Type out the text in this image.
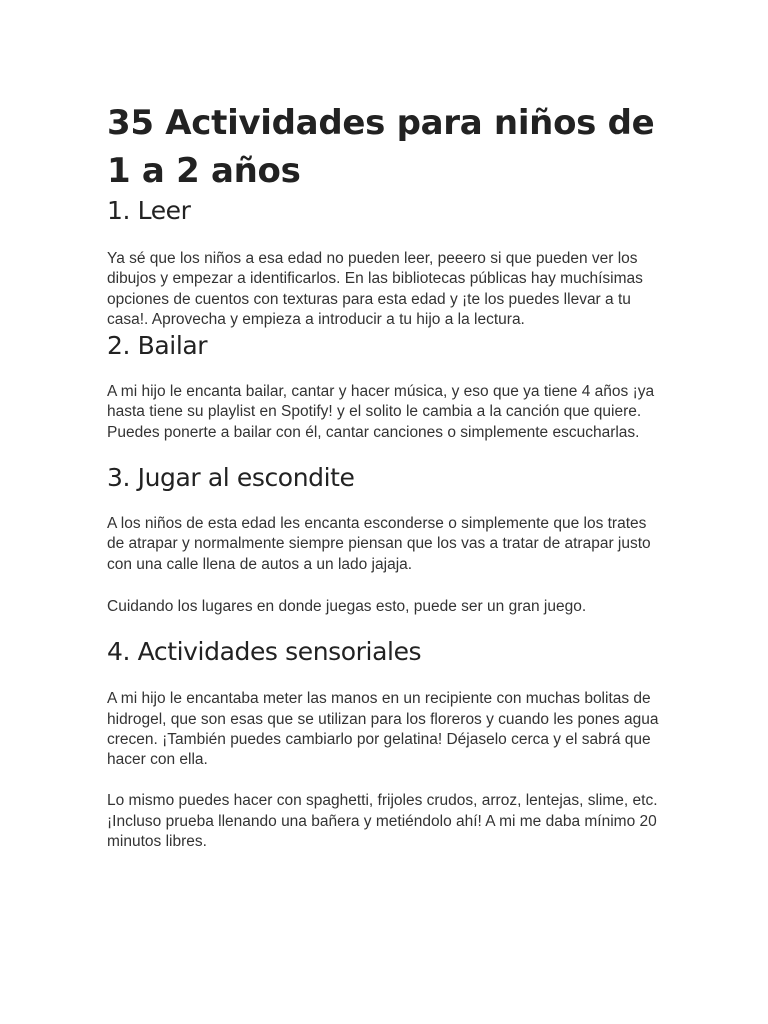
35 Actividades para niños de 1 a 2 años
1. Leer

Ya sé que los niños a esa edad no pueden leer, peeero si que pueden ver los dibujos y empezar a identificarlos. En las bibliotecas públicas hay muchísimas opciones de cuentos con texturas para esta edad y ¡te los puedes llevar a tu casa!. Aprovecha y empieza a introducir a tu hijo a la lectura.

2. Bailar

A mi hijo le encanta bailar, cantar y hacer música, y eso que ya tiene 4 años ¡ya hasta tiene su playlist en Spotify! y el solito le cambia a la canción que quiere. Puedes ponerte a bailar con él, cantar canciones o simplemente escucharlas.

3. Jugar al escondite

A los niños de esta edad les encanta esconderse o simplemente que los trates de atrapar y normalmente siempre piensan que los vas a tratar de atrapar justo con una calle llena de autos a un lado jajaja.

Cuidando los lugares en donde juegas esto, puede ser un gran juego.

4. Actividades sensoriales

A mi hijo le encantaba meter las manos en un recipiente con muchas bolitas de hidrogel, que son esas que se utilizan para los floreros y cuando les pones agua crecen. ¡También puedes cambiarlo por gelatina! Déjaselo cerca y el sabrá que hacer con ella.

Lo mismo puedes hacer con spaghetti, frijoles crudos, arroz, lentejas, slime, etc. ¡Incluso prueba llenando una bañera y metiéndolo ahí! A mi me daba mínimo 20 minutos libres.
